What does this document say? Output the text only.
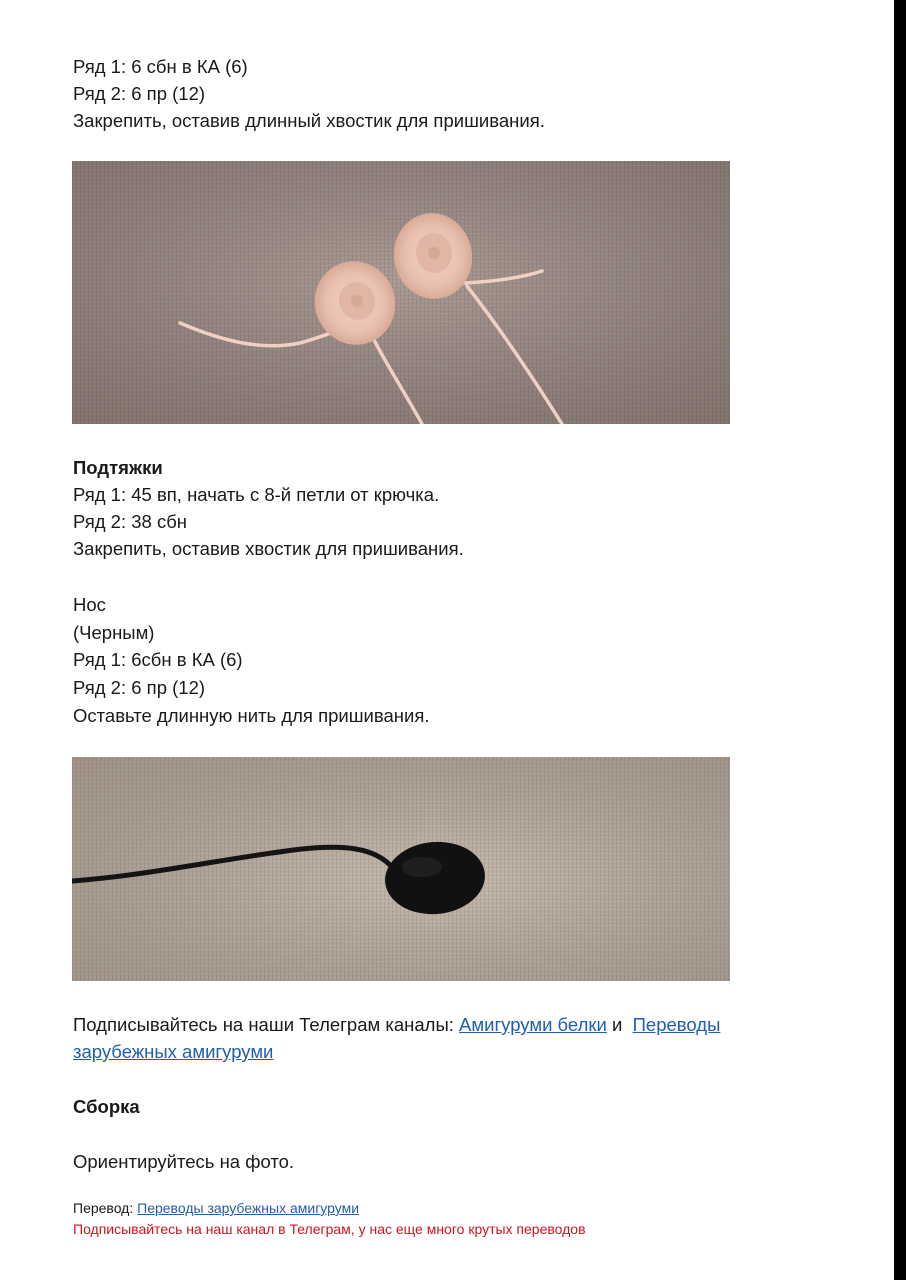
Ряд 1: 6 сбн в КА (6)
Ряд 2: 6 пр (12)
Закрепить, оставив длинный хвостик для пришивания.
Подтяжки
Ряд 1: 45 вп, начать с 8-й петли от крючка.
Ряд 2: 38 сбн
Закрепить, оставив хвостик для пришивания.
Нос
(Черным)
Ряд 1: 6сбн в КА (6)
Ряд 2: 6 пр (12)
Оставьте длинную нить для пришивания.
Подписывайтесь на наши Телеграм каналы: Амигуруми белки и Переводы
зарубежных амигуруми
Сборка
Ориентируйтесь на фото.
Перевод: Переводы зарубежных амигуруми
Подписывайтесь на наш канал в Телеграм, у нас еще много крутых переводов
